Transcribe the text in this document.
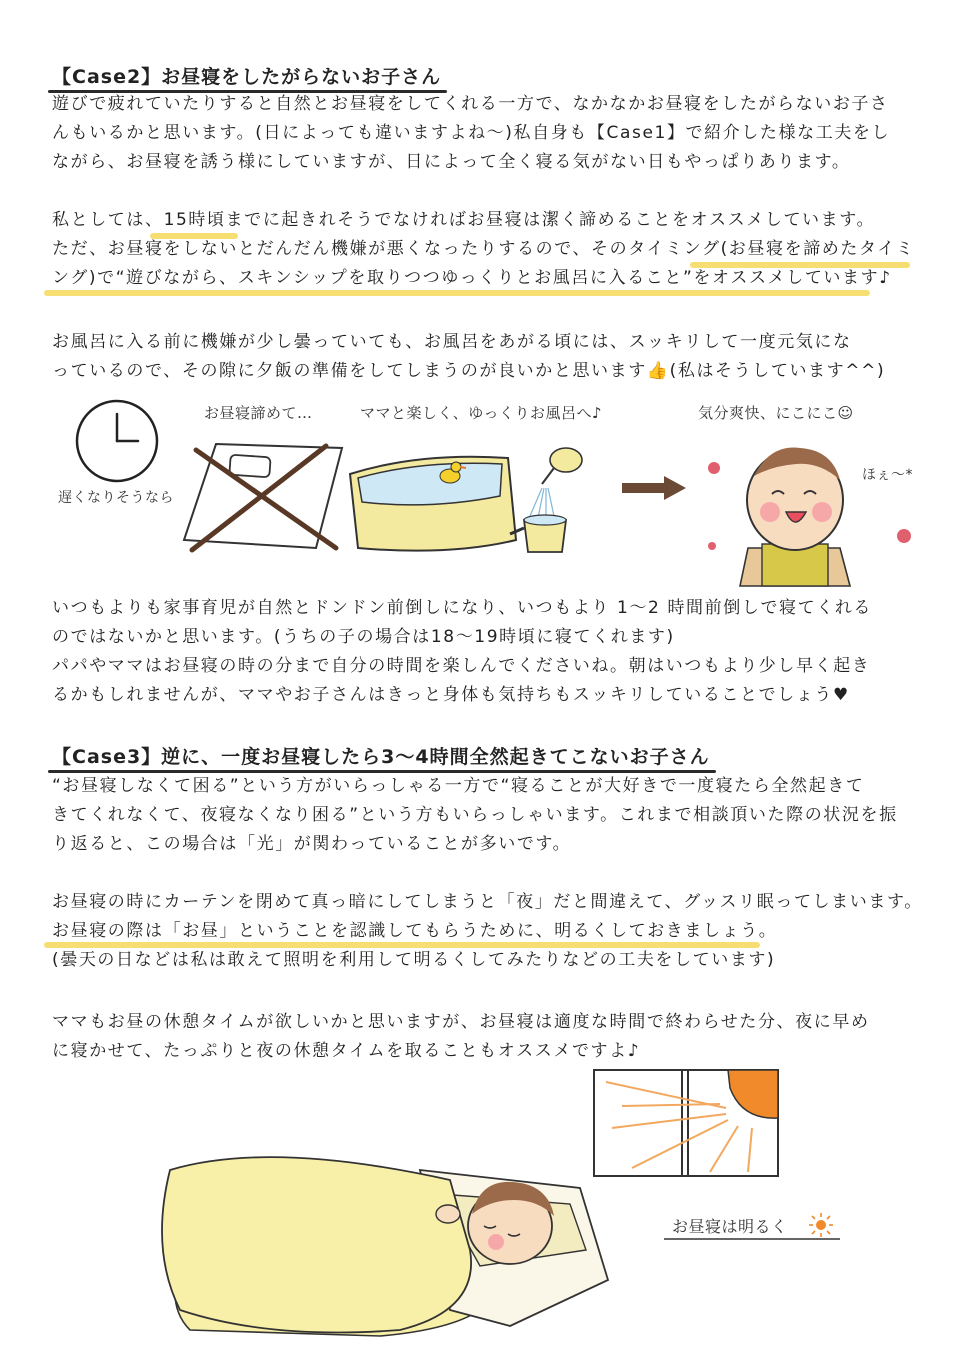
【Case2】お昼寝をしたがらないお子さん
遊びで疲れていたりすると自然とお昼寝をしてくれる一方で、なかなかお昼寝をしたがらないお子さ
んもいるかと思います。(日によっても違いますよね〜)私自身も【Case1】で紹介した様な工夫をし
ながら、お昼寝を誘う様にしていますが、日によって全く寝る気がない日もやっぱりあります。
私としては、15時頃までに起きれそうでなければお昼寝は潔く諦めることをオススメしています。
ただ、お昼寝をしないとだんだん機嫌が悪くなったりするので、そのタイミング(お昼寝を諦めたタイミ
ング)で“遊びながら、スキンシップを取りつつゆっくりとお風呂に入ること”をオススメしています♪
お風呂に入る前に機嫌が少し曇っていても、お風呂をあがる頃には、スッキリして一度元気にな
っているので、その隙に夕飯の準備をしてしまうのが良いかと思います👍(私はそうしています^^)
遅くなりそうなら
お昼寝諦めて…	ママと楽しく、ゆっくりお風呂へ♪	気分爽快、にこにこ☺
ほぇ〜*
いつもよりも家事育児が自然とドンドン前倒しになり、いつもより 1〜2 時間前倒しで寝てくれる
のではないかと思います。(うちの子の場合は18〜19時頃に寝てくれます)
パパやママはお昼寝の時の分まで自分の時間を楽しんでくださいね。朝はいつもより少し早く起き
るかもしれませんが、ママやお子さんはきっと身体も気持ちもスッキリしていることでしょう♥
【Case3】逆に、一度お昼寝したら3〜4時間全然起きてこないお子さん
“お昼寝しなくて困る”という方がいらっしゃる一方で“寝ることが大好きで一度寝たら全然起きて
きてくれなくて、夜寝なくなり困る”という方もいらっしゃいます。これまで相談頂いた際の状況を振
り返ると、この場合は「光」が関わっていることが多いです。
お昼寝の時にカーテンを閉めて真っ暗にしてしまうと「夜」だと間違えて、グッスリ眠ってしまいます。
お昼寝の際は「お昼」ということを認識してもらうために、明るくしておきましょう。
(曇天の日などは私は敢えて照明を利用して明るくしてみたりなどの工夫をしています)
ママもお昼の休憩タイムが欲しいかと思いますが、お昼寝は適度な時間で終わらせた分、夜に早め
に寝かせて、たっぷりと夜の休憩タイムを取ることもオススメですよ♪
お昼寝は明るく
